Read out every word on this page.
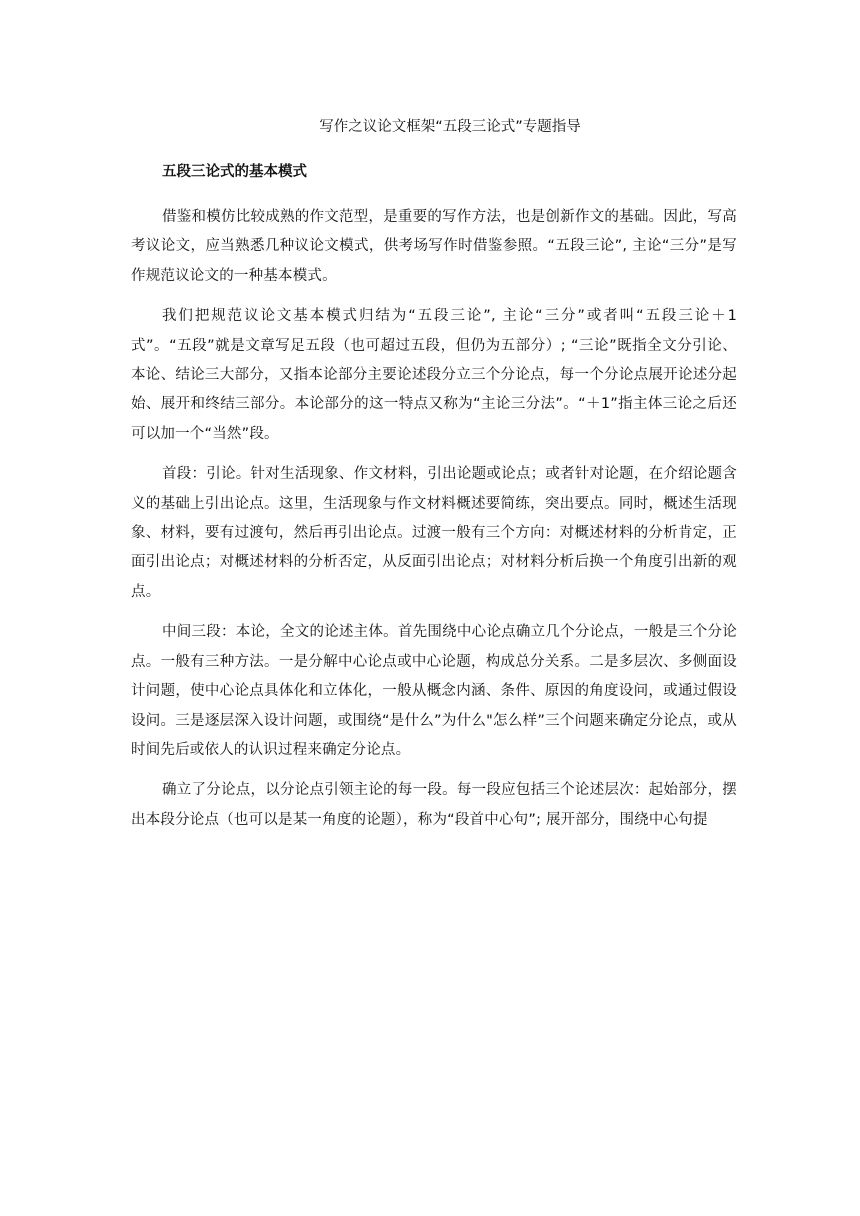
写作之议论文框架“五段三论式”专题指导
五段三论式的基本模式

借鉴和模仿比较成熟的作文范型，是重要的写作方法，也是创新作文的基础。因此，写高考议论文，应当熟悉几种议论文模式，供考场写作时借鉴参照。“五段三论”, 主论“三分”是写作规范议论文的一种基本模式。

我们把规范议论文基本模式归结为“五段三论”, 主论“三分”或者叫“五段三论＋1 式”。“五段”就是文章写足五段（也可超过五段，但仍为五部分）; “三论”既指全文分引论、本论、结论三大部分，又指本论部分主要论述段分立三个分论点，每一个分论点展开论述分起始、展开和终结三部分。本论部分的这一特点又称为“主论三分法”。“＋1”指主体三论之后还可以加一个“当然”段。

首段：引论。针对生活现象、作文材料，引出论题或论点；或者针对论题，在介绍论题含义的基础上引出论点。这里，生活现象与作文材料概述要简练，突出要点。同时，概述生活现象、材料，要有过渡句，然后再引出论点。过渡一般有三个方向：对概述材料的分析肯定，正面引出论点；对概述材料的分析否定，从反面引出论点；对材料分析后换一个角度引出新的观点。

中间三段：本论，全文的论述主体。首先围绕中心论点确立几个分论点，一般是三个分论点。一般有三种方法。一是分解中心论点或中心论题，构成总分关系。二是多层次、多侧面设计问题，使中心论点具体化和立体化，一般从概念内涵、条件、原因的角度设问，或通过假设设问。三是逐层深入设计问题，或围绕“是什么”为什么"怎么样”三个问题来确定分论点，或从时间先后或依人的认识过程来确定分论点。

确立了分论点，以分论点引领主论的每一段。每一段应包括三个论述层次：起始部分，摆出本段分论点（也可以是某一角度的论题），称为“段首中心句”; 展开部分，围绕中心句提
